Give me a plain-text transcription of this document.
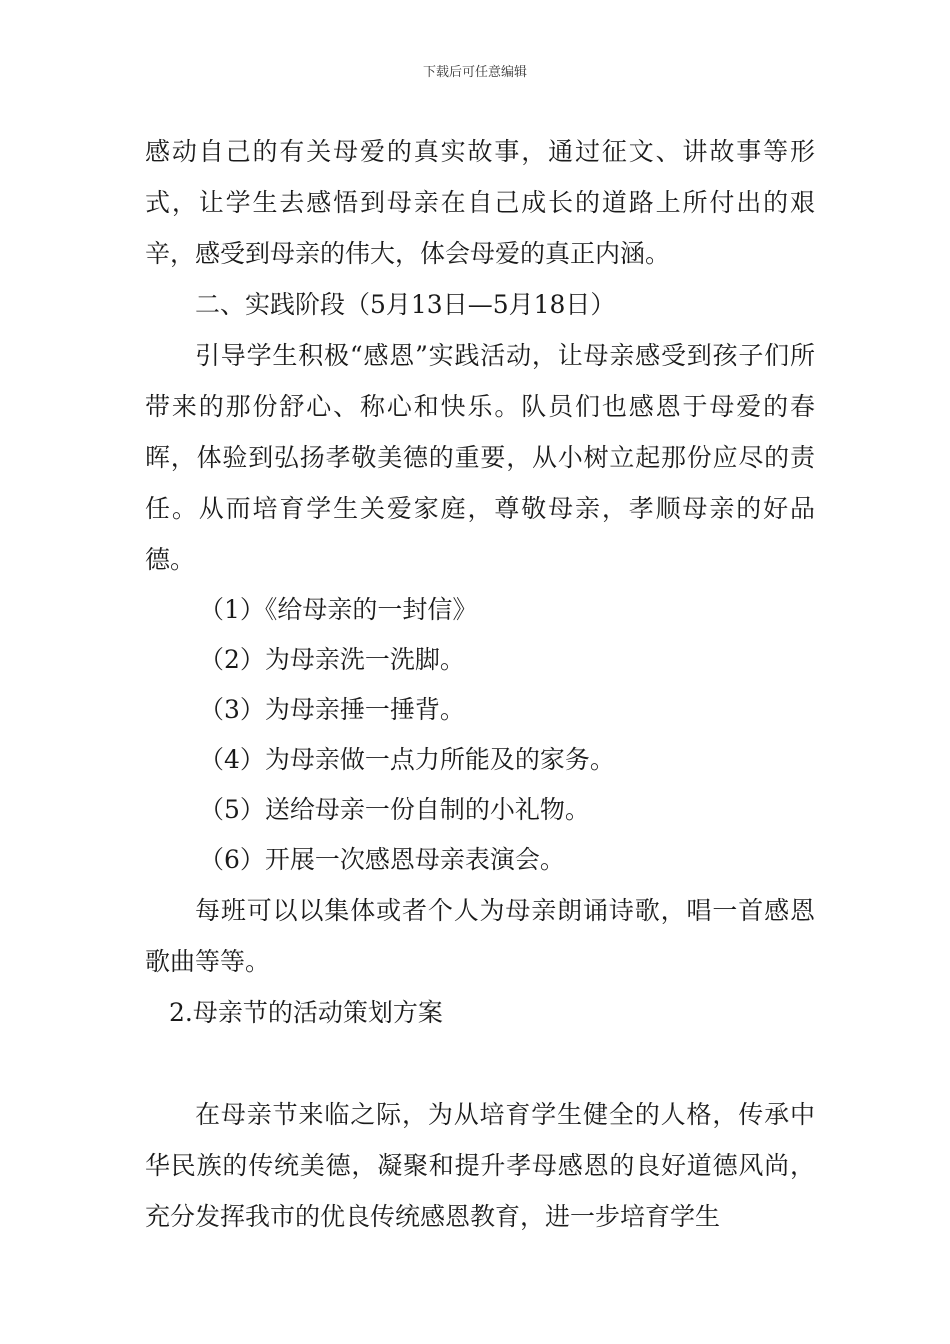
下载后可任意编辑

感动自己的有关母爱的真实故事，通过征文、讲故事等形式，让学生去感悟到母亲在自己成长的道路上所付出的艰辛，感受到母亲的伟大，体会母爱的真正内涵。

二、实践阶段（5月13日—5月18日）

引导学生积极“感恩”实践活动，让母亲感受到孩子们所带来的那份舒心、称心和快乐。队员们也感恩于母爱的春晖，体验到弘扬孝敬美德的重要，从小树立起那份应尽的责任。从而培育学生关爱家庭，尊敬母亲，孝顺母亲的好品德。

（1）《给母亲的一封信》

（2）为母亲洗一洗脚。

（3）为母亲捶一捶背。

（4）为母亲做一点力所能及的家务。

（5）送给母亲一份自制的小礼物。

（6）开展一次感恩母亲表演会。

每班可以以集体或者个人为母亲朗诵诗歌，唱一首感恩歌曲等等。

2.母亲节的活动策划方案

在母亲节来临之际，为从培育学生健全的人格，传承中华民族的传统美德，凝聚和提升孝母感恩的良好道德风尚，充分发挥我市的优良传统感恩教育，进一步培育学生
